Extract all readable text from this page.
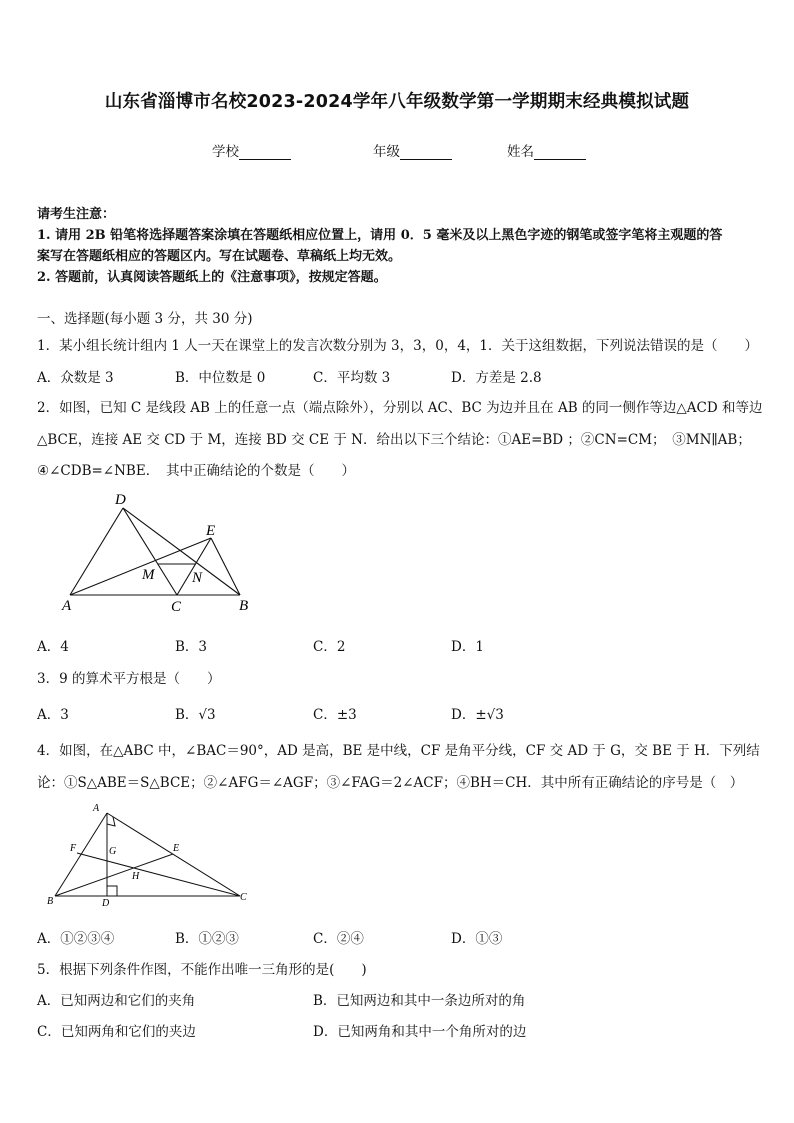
山东省淄博市名校2023-2024学年八年级数学第一学期期末经典模拟试题
学校	年级	姓名
请考生注意：
1. 请用 2B 铅笔将选择题答案涂填在答题纸相应位置上，请用 0．5 毫米及以上黑色字迹的钢笔或签字笔将主观题的答
案写在答题纸相应的答题区内。写在试题卷、草稿纸上均无效。
2. 答题前，认真阅读答题纸上的《注意事项》，按规定答题。
一、选择题(每小题 3 分，共 30 分)
1．某小组长统计组内 1 人一天在课堂上的发言次数分别为 3，3，0，4，1．关于这组数据，下列说法错误的是（　　）
A．众数是 3	B．中位数是 0	C．平均数 3	D．方差是 2.8
2．如图，已知 C 是线段 AB 上的任意一点（端点除外），分别以 AC、BC 为边并且在 AB 的同一侧作等边△ACD 和等边
△BCE，连接 AE 交 CD 于 M，连接 BD 交 CE 于 N．给出以下三个结论：①AE=BD ；②CN=CM；　③MN∥AB；
④∠CDB=∠NBE．　其中正确结论的个数是（　　）
D
E
M	N
A	C	B
A．4	B．3	C．2	D．1
3．9 的算术平方根是（　　）
A．3	B．√3	C．±3	D．±√3
4．如图，在△ABC 中，∠BAC＝90°，AD 是高，BE 是中线，CF 是角平分线，CF 交 AD 于 G，交 BE 于 H．下列结
论：①S△ABE＝S△BCE；②∠AFG＝∠AGF；③∠FAG＝2∠ACF；④BH＝CH．其中所有正确结论的序号是（　）
A
F	G	E
H
B	D
C
A．①②③④	B．①②③	C．②④	D．①③
5．根据下列条件作图，不能作出唯一三角形的是(　　)
A．已知两边和它们的夹角	B．已知两边和其中一条边所对的角
C．已知两角和它们的夹边	D．已知两角和其中一个角所对的边
